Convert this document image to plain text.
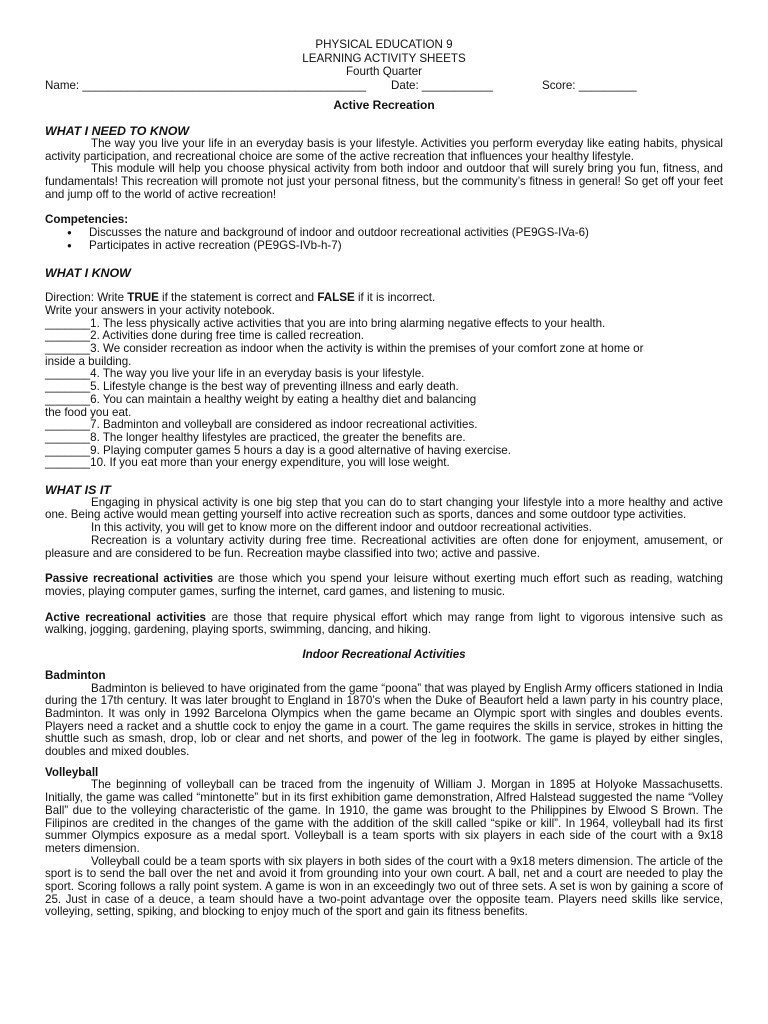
PHYSICAL EDUCATION 9
LEARNING ACTIVITY SHEETS
Fourth Quarter
Name: ____________________________________________ Date: ___________	Score: _________
Active Recreation
WHAT I NEED TO KNOW
The way you live your life in an everyday basis is your lifestyle. Activities you perform everyday like eating habits, physical activity participation, and recreational choice are some of the active recreation that influences your healthy lifestyle.
This module will help you choose physical activity from both indoor and outdoor that will surely bring you fun, fitness, and fundamentals! This recreation will promote not just your personal fitness, but the community’s fitness in general! So get off your feet and jump off to the world of active recreation!
Competencies:
● Discusses the nature and background of indoor and outdoor recreational activities (PE9GS-IVa-6)
● Participates in active recreation (PE9GS-IVb-h-7)
WHAT I KNOW
Direction: Write TRUE if the statement is correct and FALSE if it is incorrect.
Write your answers in your activity notebook.
_______1. The less physically active activities that you are into bring alarming negative effects to your health.
_______2. Activities done during free time is called recreation.
_______3. We consider recreation as indoor when the activity is within the premises of your comfort zone at home or
inside a building.
_______4. The way you live your life in an everyday basis is your lifestyle.
_______5. Lifestyle change is the best way of preventing illness and early death.
_______6. You can maintain a healthy weight by eating a healthy diet and balancing
the food you eat.
_______7. Badminton and volleyball are considered as indoor recreational activities.
_______8. The longer healthy lifestyles are practiced, the greater the benefits are.
_______9. Playing computer games 5 hours a day is a good alternative of having exercise.
_______10. If you eat more than your energy expenditure, you will lose weight.
WHAT IS IT
Engaging in physical activity is one big step that you can do to start changing your lifestyle into a more healthy and active one. Being active would mean getting yourself into active recreation such as sports, dances and some outdoor type activities.
In this activity, you will get to know more on the different indoor and outdoor recreational activities.
Recreation is a voluntary activity during free time. Recreational activities are often done for enjoyment, amusement, or pleasure and are considered to be fun. Recreation maybe classified into two; active and passive.
Passive recreational activities are those which you spend your leisure without exerting much effort such as reading, watching movies, playing computer games, surfing the internet, card games, and listening to music.
Active recreational activities are those that require physical effort which may range from light to vigorous intensive such as walking, jogging, gardening, playing sports, swimming, dancing, and hiking.
Indoor Recreational Activities
Badminton
Badminton is believed to have originated from the game “poona” that was played by English Army officers stationed in India during the 17th century. It was later brought to England in 1870’s when the Duke of Beaufort held a lawn party in his country place, Badminton. It was only in 1992 Barcelona Olympics when the game became an Olympic sport with singles and doubles events. Players need a racket and a shuttle cock to enjoy the game in a court. The game requires the skills in service, strokes in hitting the shuttle such as smash, drop, lob or clear and net shorts, and power of the leg in footwork. The game is played by either singles, doubles and mixed doubles.
Volleyball
The beginning of volleyball can be traced from the ingenuity of William J. Morgan in 1895 at Holyoke Massachusetts. Initially, the game was called “mintonette” but in its first exhibition game demonstration, Alfred Halstead suggested the name “Volley Ball” due to the volleying characteristic of the game. In 1910, the game was brought to the Philippines by Elwood S Brown. The Filipinos are credited in the changes of the game with the addition of the skill called “spike or kill”. In 1964, volleyball had its first summer Olympics exposure as a medal sport. Volleyball is a team sports with six players in each side of the court with a 9x18 meters dimension.
Volleyball could be a team sports with six players in both sides of the court with a 9x18 meters dimension. The article of the sport is to send the ball over the net and avoid it from grounding into your own court. A ball, net and a court are needed to play the sport. Scoring follows a rally point system. A game is won in an exceedingly two out of three sets. A set is won by gaining a score of 25. Just in case of a deuce, a team should have a two-point advantage over the opposite team. Players need skills like service, volleying, setting, spiking, and blocking to enjoy much of the sport and gain its fitness benefits.
